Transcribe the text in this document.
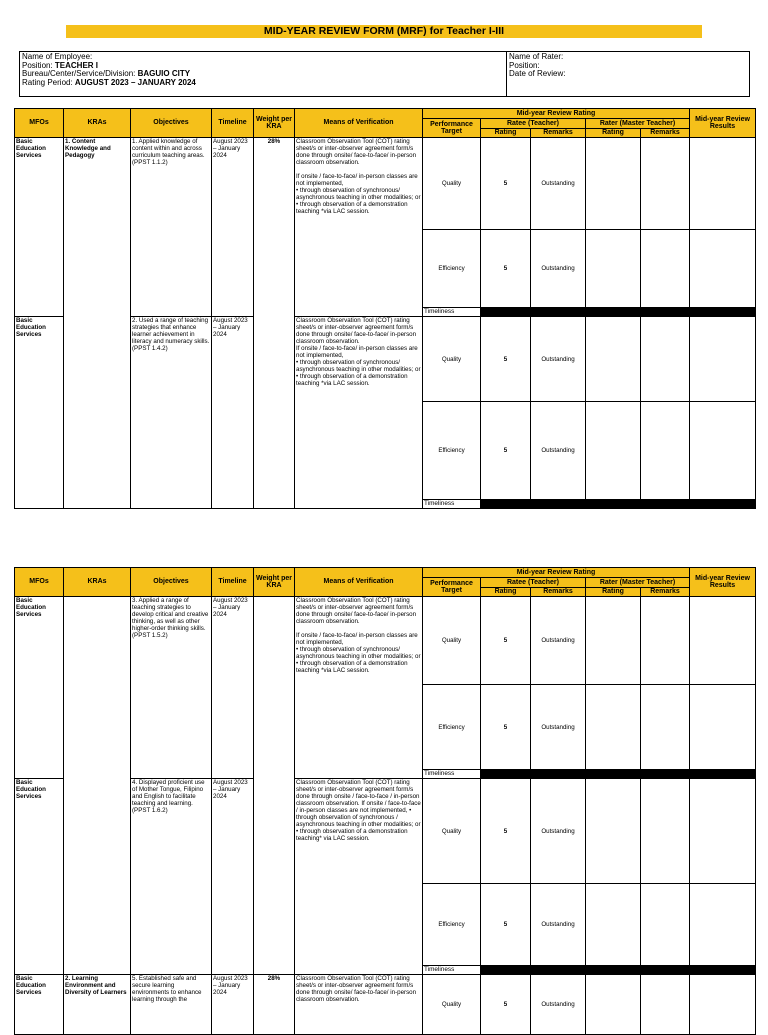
MID-YEAR REVIEW FORM (MRF) for Teacher I-III
Name of Employee:
Position: TEACHER I
Bureau/Center/Service/Division: BAGUIO CITY
Rating Period: AUGUST 2023 – JANUARY 2024
Name of Rater:
Position:
Date of Review:
MFOs	KRAs	Objectives	Timeline	Weight per KRA	Means of Verification	Mid-year Review Rating					Mid-year Review Results
						Performance Target	Ratee (Teacher)		Rater (Master Teacher)		
							Rating	Remarks	Rating	Remarks	
Basic Education Services	1. Content Knowledge and Pedagogy	1. Applied knowledge of content within and across curriculum teaching areas. (PPST 1.1.2)	August 2023 – January 2024	28%	Classroom Observation Tool (COT) rating sheet/s or inter-observer agreement form/s done through onsite/ face-to-face/ in-person classroom observation.

If onsite / face-to-face/ in-person classes are not implemented,

• through observation of synchronous/ asynchronous teaching in other modalities; or

• through observation of a demonstration teaching *via LAC session.	Quality	5	Outstanding			
						Efficiency	5	Outstanding			
						Timeliness					
Basic Education Services		2. Used a range of teaching strategies that enhance learner achievement in literacy and numeracy skills. (PPST 1.4.2)	August 2023 – January 2024		Classroom Observation Tool (COT) rating sheet/s or inter-observer agreement form/s done through onsite/ face-to-face/ in-person classroom observation.

If onsite / face-to-face/ in-person classes are not implemented,

• through observation of synchronous/ asynchronous teaching in other modalities; or

• through observation of a demonstration teaching *via LAC session.	Quality	5	Outstanding			
						Efficiency	5	Outstanding			
						Timeliness					
MFOs	KRAs	Objectives	Timeline	Weight per KRA	Means of Verification	Mid-year Review Rating					Mid-year Review Results
						Performance Target	Ratee (Teacher)		Rater (Master Teacher)		
							Rating	Remarks	Rating	Remarks	
Basic Education Services		3. Applied a range of teaching strategies to develop critical and creative thinking, as well as other higher-order thinking skills. (PPST 1.5.2)	August 2023 – January 2024		Classroom Observation Tool (COT) rating sheet/s or inter-observer agreement form/s done through onsite/ face-to-face/ in-person classroom observation.

If onsite / face-to-face/ in-person classes are not implemented,

• through observation of synchronous/ asynchronous teaching in other modalities; or

• through observation of a demonstration teaching *via LAC session.	Quality	5	Outstanding			
						Efficiency	5	Outstanding			
						Timeliness					
Basic Education Services		4. Displayed proficient use of Mother Tongue, Filipino and English to facilitate teaching and learning. (PPST 1.6.2)	August 2023 – January 2024		Classroom Observation Tool (COT) rating sheet/s or inter-observer agreement form/s done through onsite / face-to-face / in-person classroom observation. If onsite / face-to-face / in-person classes are not implemented, • through observation of synchronous / asynchronous teaching in other modalities; or • through observation of a demonstration teaching* via LAC session.	Quality	5	Outstanding			
						Efficiency	5	Outstanding			
						Timeliness					
Basic Education Services	2. Learning Environment and Diversity of Learners	5. Established safe and secure learning environments to enhance learning through the	August 2023 – January 2024	28%	Classroom Observation Tool (COT) rating sheet/s or inter-observer agreement form/s done through onsite/ face-to-face/ in-person classroom observation.	Quality	5	Outstanding			
